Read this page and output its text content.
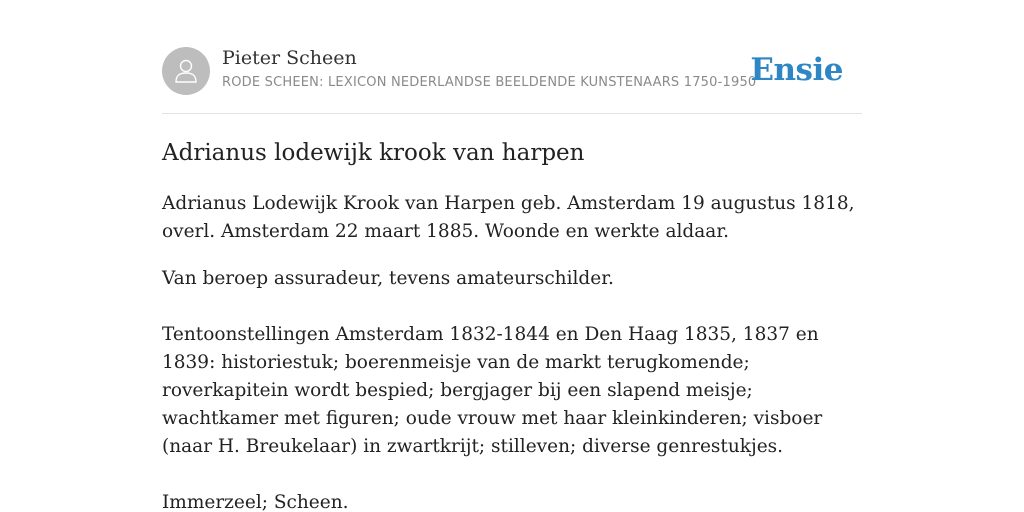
Pieter Scheen
RODE SCHEEN: LEXICON NEDERLANDSE BEELDENDE KUNSTENAARS 1750-1950
Ensie
Adrianus lodewijk krook van harpen

Adrianus Lodewijk Krook van Harpen geb. Amsterdam 19 augustus 1818, overl. Amsterdam 22 maart 1885. Woonde en werkte aldaar.

Van beroep assuradeur, tevens amateurschilder.

Tentoonstellingen Amsterdam 1832-1844 en Den Haag 1835, 1837 en 1839: historiestuk; boerenmeisje van de markt terugkomende; roverkapitein wordt bespied; bergjager bij een slapend meisje; wachtkamer met figuren; oude vrouw met haar kleinkinderen; visboer (naar H. Breukelaar) in zwartkrijt; stilleven; diverse genrestukjes.

Immerzeel; Scheen.
